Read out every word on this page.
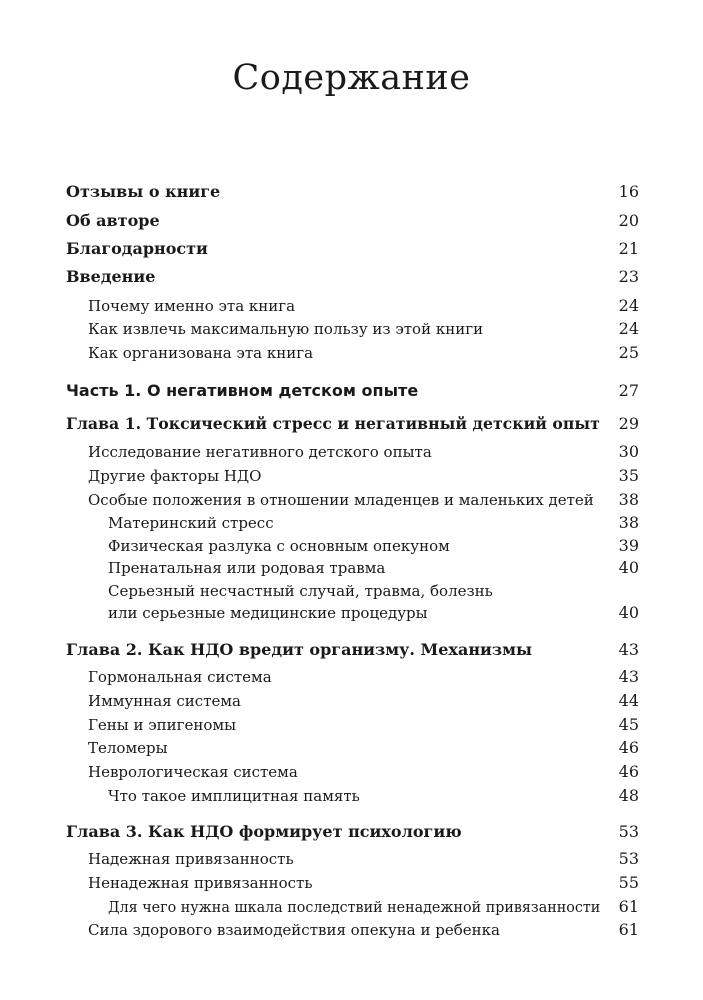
Содержание
Отзывы о книге	16
Об авторе	20
Благодарности	21
Введение	23
Почему именно эта книга	24
Как извлечь максимальную пользу из этой книги	24
Как организована эта книга	25
Часть 1. О негативном детском опыте	27
Глава 1. Токсический стресс и негативный детский опыт 29
Исследование негативного детского опыта	30
Другие факторы НДО	35
Особые положения в отношении младенцев и маленьких детей 38
Материнский стресс	38
Физическая разлука с основным опекуном	39
Пренатальная или родовая травма	40
Серьезный несчастный случай, травма, болезнь
или серьезные медицинские процедуры	40
Глава 2. Как НДО вредит организму. Механизмы	43
Гормональная система	43
Иммунная система	44
Гены и эпигеномы	45
Теломеры	46
Неврологическая система	46
Что такое имплицитная память	48
Глава 3. Как НДО формирует психологию	53
Надежная привязанность	53
Ненадежная привязанность	55
Для чего нужна шкала последствий ненадежной привязанности 61
Сила здорового взаимодействия опекуна и ребенка	61
